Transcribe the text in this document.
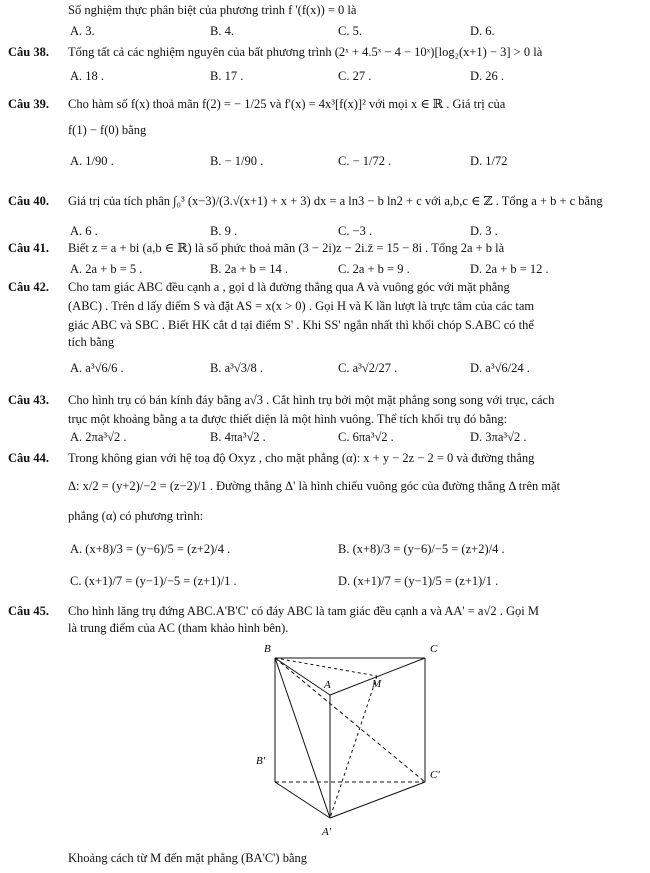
Số nghiệm thực phân biệt của phương trình f '(f(x)) = 0 là
A. 3.	B. 4.	C. 5.	D. 6.
Câu 38. Tổng tất cả các nghiệm nguyên của bất phương trình (2ˣ + 4.5ˣ − 4 − 10ˣ)[log₂(x+1) − 3] > 0 là
A. 18 .	B. 17 .	C. 27 .	D. 26 .
Câu 39. Cho hàm số f(x) thoả mãn f(2) = − 1/25 và f'(x) = 4x³[f(x)]² với mọi x ∈ ℝ . Giá trị của
f(1) − f(0) bằng
A. 1/90 .	B. − 1/90 .	C. − 1/72 .	D. 1/72
Câu 40. Giá trị của tích phân ∫₀³ (x−3)/(3.√(x+1) + x + 3) dx = a ln3 − b ln2 + c với a,b,c ∈ ℤ . Tổng a + b + c bằng
A. 6 .	B. 9 .	C. −3 .	D. 3 .
Câu 41. Biết z = a + bi (a,b ∈ ℝ) là số phức thoả mãn (3 − 2i)z − 2i.z̄ = 15 − 8i . Tổng 2a + b là
A. 2a + b = 5 .	B. 2a + b = 14 .	C. 2a + b = 9 .	D. 2a + b = 12 .
Câu 42. Cho tam giác ABC đều cạnh a , gọi d là đường thẳng qua A và vuông góc với mặt phẳng
(ABC) . Trên d lấy điểm S và đặt AS = x(x > 0) . Gọi H và K lần lượt là trực tâm của các tam
giác ABC và SBC . Biết HK cắt d tại điểm S' . Khi SS' ngắn nhất thì khối chóp S.ABC có thể
tích bằng
A. a³√6/6 .	B. a³√3/8 .	C. a³√2/27 .	D. a³√6/24 .
Câu 43. Cho hình trụ có bán kính đáy bằng a√3 . Cắt hình trụ bởi một mặt phẳng song song với trục, cách
trục một khoảng bằng a ta được thiết diện là một hình vuông. Thể tích khối trụ đó bằng:
A. 2πa³√2 .	B. 4πa³√2 .	C. 6πa³√2 .	D. 3πa³√2 .
Câu 44. Trong không gian với hệ toạ độ Oxyz , cho mặt phẳng (α): x + y − 2z − 2 = 0 và đường thẳng
Δ: x/2 = (y+2)/−2 = (z−2)/1 . Đường thẳng Δ' là hình chiếu vuông góc của đường thẳng Δ trên mặt
phẳng (α) có phương trình:
A. (x+8)/3 = (y−6)/5 = (z+2)/4 .	B. (x+8)/3 = (y−6)/−5 = (z+2)/4 .
C. (x+1)/7 = (y−1)/−5 = (z+1)/1 .	D. (x+1)/7 = (y−1)/5 = (z+1)/1 .
Câu 45. Cho hình lăng trụ đứng ABC.A'B'C' có đáy ABC là tam giác đều cạnh a và AA' = a√2 . Gọi M
là trung điểm của AC (tham khảo hình bên).
B	C
A	M
B'
C'
A'
Khoảng cách từ M đến mặt phẳng (BA'C') bằng
